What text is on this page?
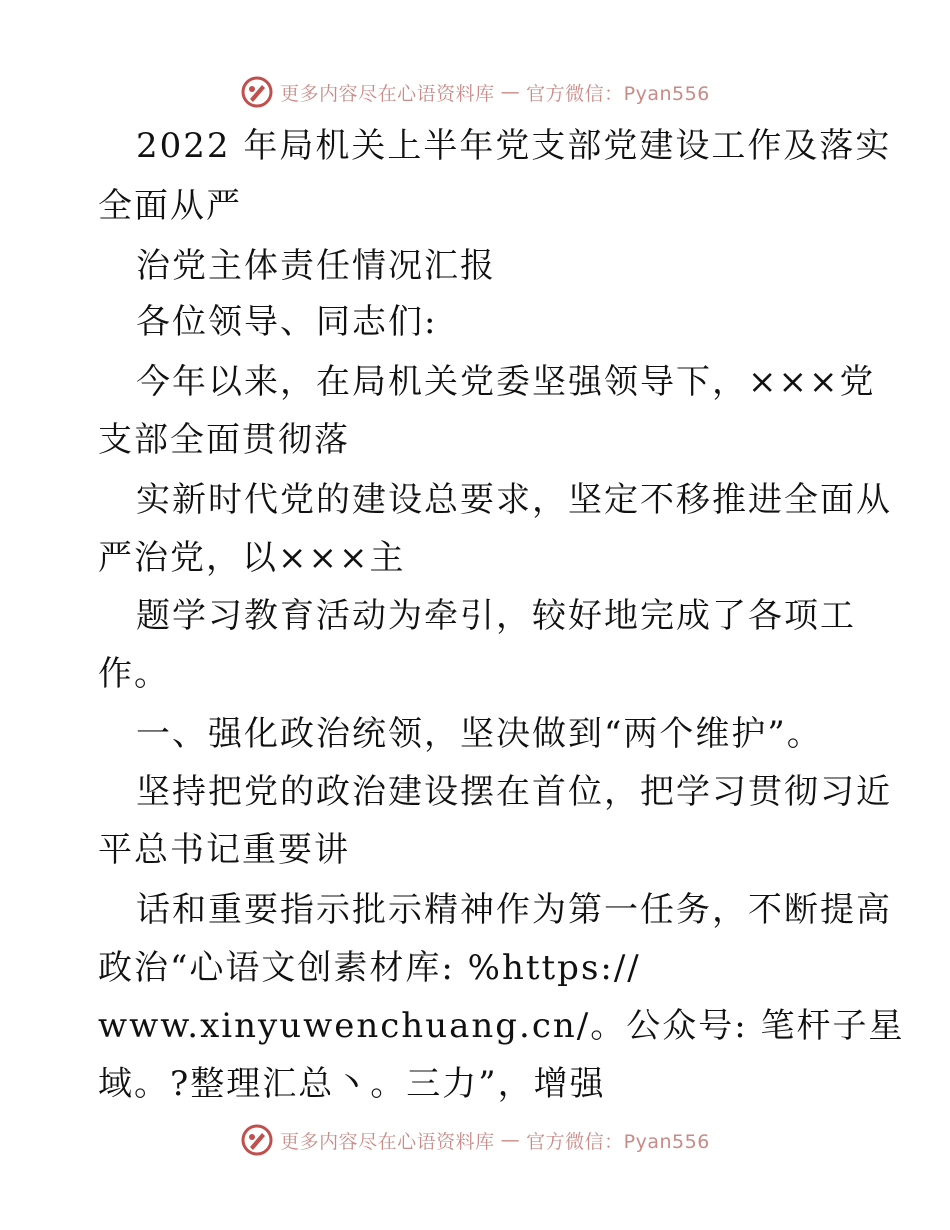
更多内容尽在心语资料库 — 官方微信：Pyan556
2022 年局机关上半年党支部党建设工作及落实
全面从严
治党主体责任情况汇报
各位领导、同志们:
今年以来，在局机关党委坚强领导下，×××党
支部全面贯彻落
实新时代党的建设总要求，坚定不移推进全面从
严治党，以×××主
题学习教育活动为牵引，较好地完成了各项工
作。
一、强化政治统领，坚决做到“两个维护”。
坚持把党的政治建设摆在首位，把学习贯彻习近
平总书记重要讲
话和重要指示批示精神作为第一任务，不断提高
政治“心语文创素材库: %https://
www.xinyuwenchuang.cn/。公众号: 笔杆子星
域。?整理汇总丶。三力”，增强
更多内容尽在心语资料库 — 官方微信：Pyan556
